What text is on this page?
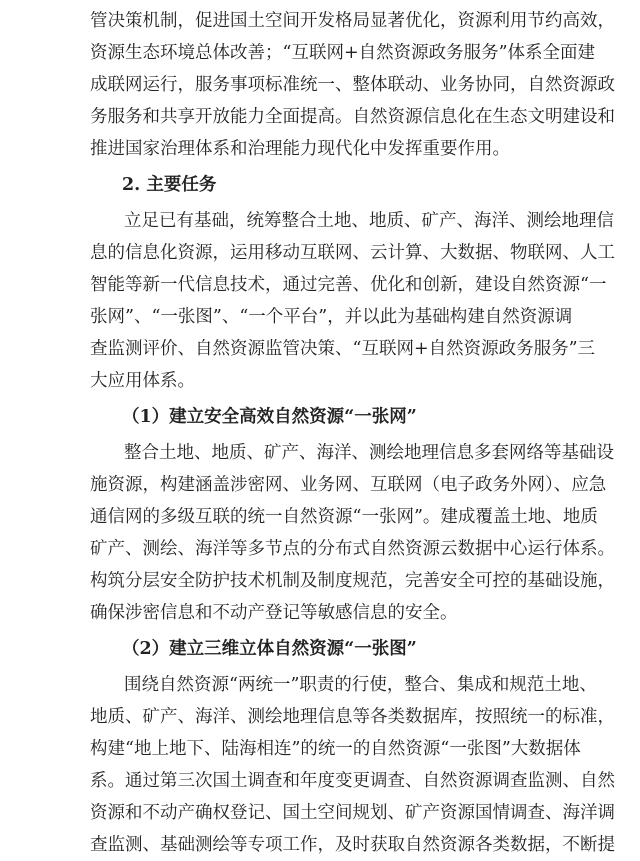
管决策机制，促进国土空间开发格局显著优化，资源利用节约高效，
资源生态环境总体改善；“互联网+自然资源政务服务”体系全面建
成联网运行，服务事项标准统一、整体联动、业务协同，自然资源政
务服务和共享开放能力全面提高。自然资源信息化在生态文明建设和
推进国家治理体系和治理能力现代化中发挥重要作用。
2. 主要任务
立足已有基础，统筹整合土地、地质、矿产、海洋、测绘地理信
息的信息化资源，运用移动互联网、云计算、大数据、物联网、人工
智能等新一代信息技术，通过完善、优化和创新，建设自然资源“一
张网”、“一张图”、“一个平台”，并以此为基础构建自然资源调
查监测评价、自然资源监管决策、“互联网+自然资源政务服务”三
大应用体系。
（1）建立安全高效自然资源“一张网”
整合土地、地质、矿产、海洋、测绘地理信息多套网络等基础设
施资源，构建涵盖涉密网、业务网、互联网（电子政务外网）、应急
通信网的多级互联的统一自然资源“一张网”。建成覆盖土地、地质
矿产、测绘、海洋等多节点的分布式自然资源云数据中心运行体系。
构筑分层安全防护技术机制及制度规范，完善安全可控的基础设施，
确保涉密信息和不动产登记等敏感信息的安全。
（2）建立三维立体自然资源“一张图”
围绕自然资源“两统一”职责的行使，整合、集成和规范土地、
地质、矿产、海洋、测绘地理信息等各类数据库，按照统一的标准，
构建“地上地下、陆海相连”的统一的自然资源“一张图”大数据体
系。通过第三次国土调查和年度变更调查、自然资源调查监测、自然
资源和不动产确权登记、国土空间规划、矿产资源国情调查、海洋调
查监测、基础测绘等专项工作，及时获取自然资源各类数据，不断提
